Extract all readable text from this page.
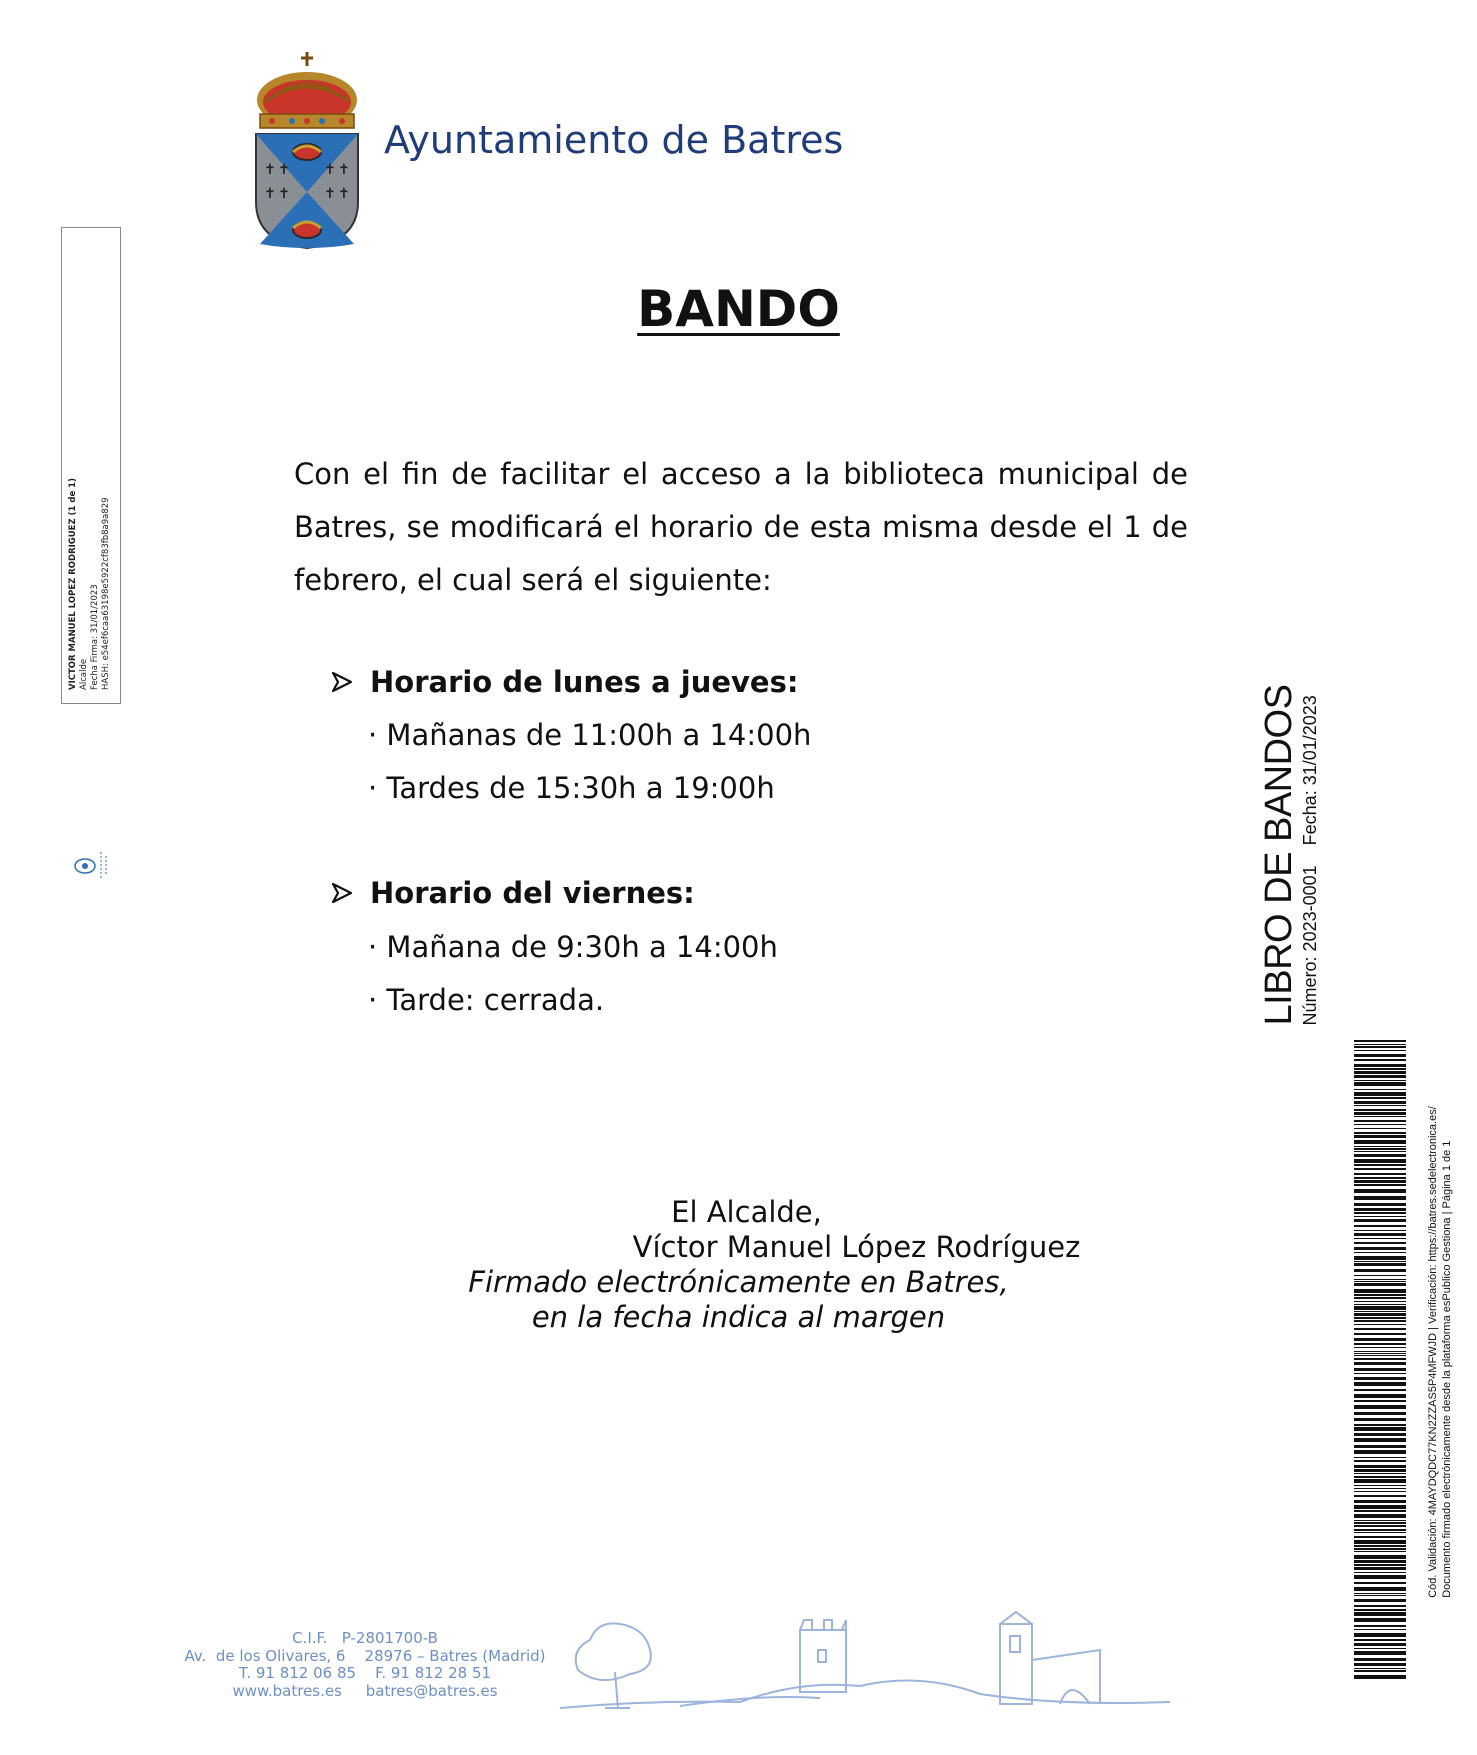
✝ ✝
✝ ✝
✝ ✝
✝ ✝
Ayuntamiento de Batres
BANDO

Con el fin de facilitar el acceso a la biblioteca municipal de Batres, se modificará el horario de esta misma desde el 1 de febrero, el cual será el siguiente:

Horario de lunes a jueves:
· Mañanas de 11:00h a 14:00h
· Tardes de 15:30h a 19:00h
Horario del viernes:
· Mañana de 9:30h a 14:00h
· Tarde: cerrada.
El Alcalde,
Víctor Manuel López Rodríguez
Firmado electrónicamente en Batres,
en la fecha indica al margen
VICTOR MANUEL LOPEZ RODRIGUEZ (1 de 1) Alcalde Fecha Firma: 31/01/2023 HASH: e54ef6caa63198e5922cf83fb8a9a829
LIBRO DE BANDOS Número: 2023-0001    Fecha: 31/01/2023
Cód. Validación: 4MAYDQDC77KN2ZZAS5P4MFWJD | Verificación: https://batres.sedelectronica.es/ Documento firmado electrónicamente desde la plataforma esPublico Gestiona | Página 1 de 1
C.I.F.   P-2801700-B
Av.  de los Olivares, 6    28976 – Batres (Madrid)
T. 91 812 06 85    F. 91 812 28 51
www.batres.es     batres@batres.es
